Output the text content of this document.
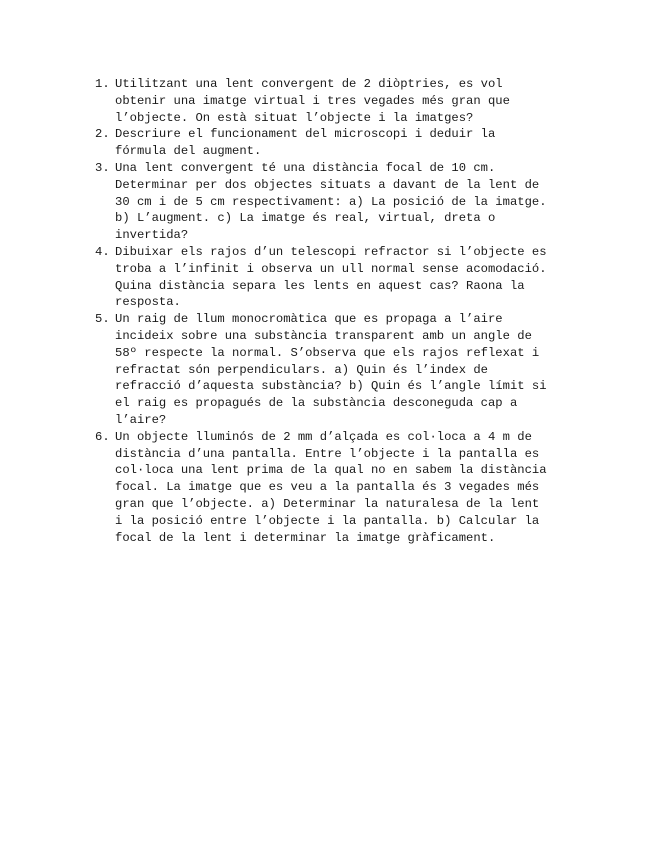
1. Utilitzant una lent convergent de 2 diòptries, es vol
obtenir una imatge virtual i tres vegades més gran que
l’objecte. On està situat l’objecte i la imatges?
2. Descriure el funcionament del microscopi i deduir la
fórmula del augment.
3. Una lent convergent té una distància focal de 10 cm.
Determinar per dos objectes situats a davant de la lent de
30 cm i de 5 cm respectivament: a) La posició de la imatge.
b) L’augment. c) La imatge és real, virtual, dreta o
invertida?
4. Dibuixar els rajos d’un telescopi refractor si l’objecte es
troba a l’infinit i observa un ull normal sense acomodació.
Quina distància separa les lents en aquest cas? Raona la
resposta.
5. Un raig de llum monocromàtica que es propaga a l’aire
incideix sobre una substància transparent amb un angle de
58º respecte la normal. S’observa que els rajos reflexat i
refractat són perpendiculars. a) Quin és l’index de
refracció d’aquesta substància? b) Quin és l’angle límit si
el raig es propagués de la substància desconeguda cap a
l’aire?
6. Un objecte lluminós de 2 mm d’alçada es col·loca a 4 m de
distància d’una pantalla. Entre l’objecte i la pantalla es
col·loca una lent prima de la qual no en sabem la distància
focal. La imatge que es veu a la pantalla és 3 vegades més
gran que l’objecte. a) Determinar la naturalesa de la lent
i la posició entre l’objecte i la pantalla. b) Calcular la
focal de la lent i determinar la imatge gràficament.
